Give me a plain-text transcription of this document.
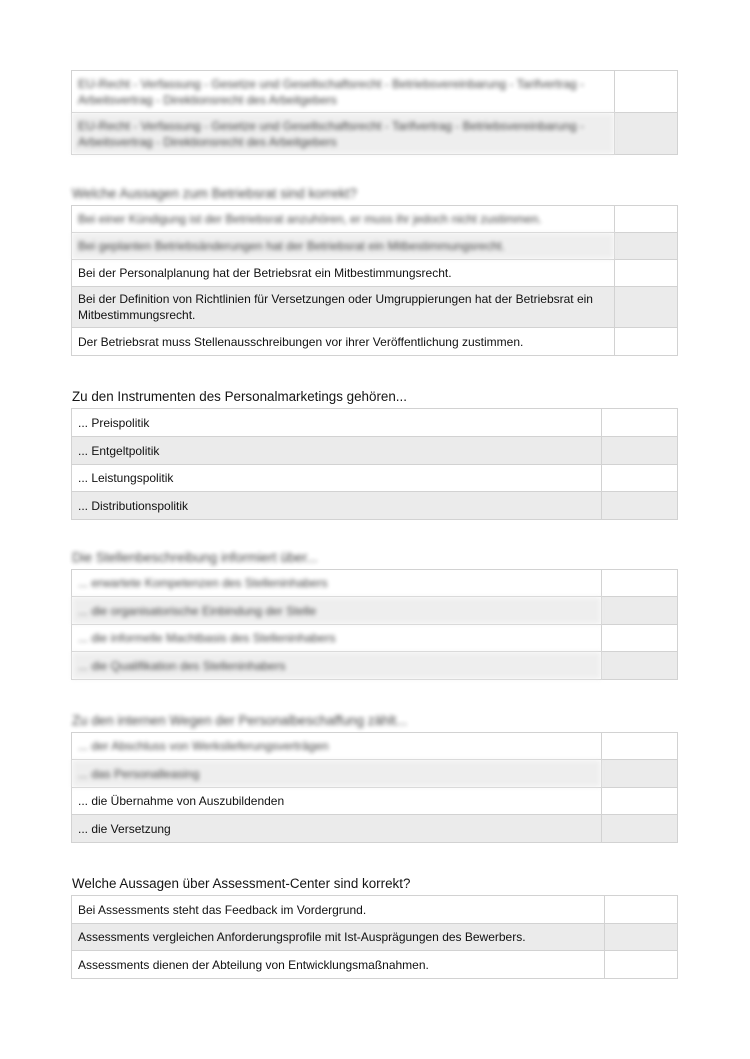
EU-Recht - Verfassung - Gesetze und Gesellschaftsrecht - Betriebsvereinbarung - Tarifvertrag - Arbeitsvertrag - Direktionsrecht des Arbeitgebers	
EU-Recht - Verfassung - Gesetze und Gesellschaftsrecht - Tarifvertrag - Betriebsvereinbarung - Arbeitsvertrag - Direktionsrecht des Arbeitgebers	
Welche Aussagen zum Betriebsrat sind korrekt?
Bei einer Kündigung ist der Betriebsrat anzuhören, er muss ihr jedoch nicht zustimmen.	
Bei geplanten Betriebsänderungen hat der Betriebsrat ein Mitbestimmungsrecht.	
Bei der Personalplanung hat der Betriebsrat ein Mitbestimmungsrecht.	
Bei der Definition von Richtlinien für Versetzungen oder Umgruppierungen hat der Betriebsrat ein Mitbestimmungsrecht.	
Der Betriebsrat muss Stellenausschreibungen vor ihrer Veröffentlichung zustimmen.	
Zu den Instrumenten des Personalmarketings gehören...
... Preispolitik	
... Entgeltpolitik	
... Leistungspolitik	
... Distributionspolitik	
Die Stellenbeschreibung informiert über...
... erwartete Kompetenzen des Stelleninhabers	
... die organisatorische Einbindung der Stelle	
... die informelle Machtbasis des Stelleninhabers	
... die Qualifikation des Stelleninhabers	
Zu den internen Wegen der Personalbeschaffung zählt...
... der Abschluss von Werkslieferungsverträgen	
... das Personalleasing	
... die Übernahme von Auszubildenden	
... die Versetzung	
Welche Aussagen über Assessment-Center sind korrekt?
Bei Assessments steht das Feedback im Vordergrund.	
Assessments vergleichen Anforderungsprofile mit Ist-Ausprägungen des Bewerbers.	
Assessments dienen der Abteilung von Entwicklungsmaßnahmen.	
